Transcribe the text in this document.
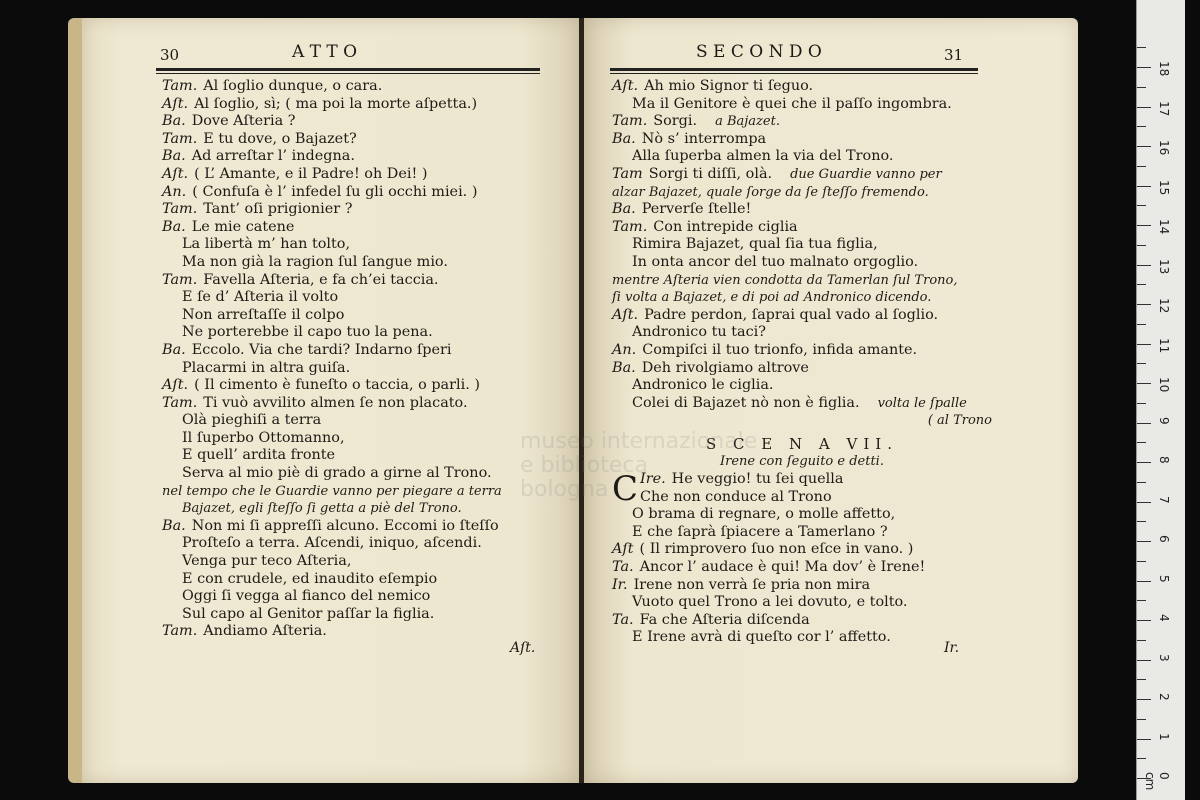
30	A T T O
Tam. Al ſoglio dunque, o cara.
Aſt. Al ſoglio, sì; ( ma poi la morte aſpetta.)
Ba. Dove Aſteria ?
Tam. E tu dove, o Bajazet?
Ba. Ad arreſtar l’ indegna.
Aſt. ( L’ Amante, e il Padre! oh Dei! )
An. ( Confuſa è l’ infedel ſu gli occhi miei. )
Tam. Tant’ oſi prigionier ?
Ba. Le mie catene
La libertà m’ han tolto,
Ma non già la ragion ſul ſangue mio.
Tam. Favella Aſteria, e fa ch’ei taccia.
E ſe d’ Aſteria il volto
Non arreſtaſſe il colpo
Ne porterebbe il capo tuo la pena.
Ba. Eccolo. Via che tardi? Indarno ſperi
Placarmi in altra guiſa.
Aſt. ( Il cimento è funeſto o taccia, o parli. )
Tam. Ti vuò avvilito almen ſe non placato.
Olà pieghiſi a terra
Il ſuperbo Ottomanno,
E quell’ ardita fronte
Serva al mio piè di grado a girne al Trono.
nel tempo che le Guardie vanno per piegare a terra
Bajazet, egli ſteſſo ſi getta a piè del Trono.
Ba. Non mi ſi appreſſi alcuno. Eccomi io ſteſſo
Proſteſo a terra. Aſcendi, iniquo, aſcendi.
Venga pur teco Aſteria,
E con crudele, ed inaudito eſempio
Oggi ſi vegga al fianco del nemico
Sul capo al Genitor paſſar la figlia.
Tam. Andiamo Aſteria.
Aſt.
S E C O N D O	31
Aſt. Ah mio Signor ti ſeguo.
Ma il Genitore è quei che il paſſo ingombra.
Tam. Sorgi. a Bajazet.
Ba. Nò s’ interrompa
Alla ſuperba almen la via del Trono.
Tam Sorgi ti diſſi, olà. due Guardie vanno per
alzar Bajazet, quale ſorge da ſe ſteſſo fremendo.
Ba. Perverſe ſtelle!
Tam. Con intrepide ciglia
Rimira Bajazet, qual ſia tua figlia,
In onta ancor del tuo malnato orgoglio.
mentre Aſteria vien condotta da Tamerlan ſul Trono,
ſi volta a Bajazet, e di poi ad Andronico dicendo.
Aſt. Padre perdon, ſaprai qual vado al ſoglio.
Andronico tu taci?
An. Compiſci il tuo trionfo, infida amante.
Ba. Deh rivolgiamo altrove
Andronico le ciglia.
Colei di Bajazet nò non è figlia. volta le ſpalle
( al Trono
S C E N A VII.
Irene con ſeguito e detti.
Ire.
C He veggio! tu ſei quella
Che non conduce al Trono
O brama di regnare, o molle affetto,
E che ſaprà ſpiacere a Tamerlano ?
Aſt ( Il rimprovero ſuo non eſce in vano. )
Ta. Ancor l’ audace è qui! Ma dov’ è Irene!
Ir. Irene non verrà ſe pria non mira
Vuoto quel Trono a lei dovuto, e tolto.
Ta. Fa che Aſteria diſcenda
E Irene avrà di queſto cor l’ affetto.
Ir.
museo internazionale
e biblioteca
bologna
0 cm
1
2
3
4
5
6
7
8
9
10
11
12
13
14
15
16
17
18
